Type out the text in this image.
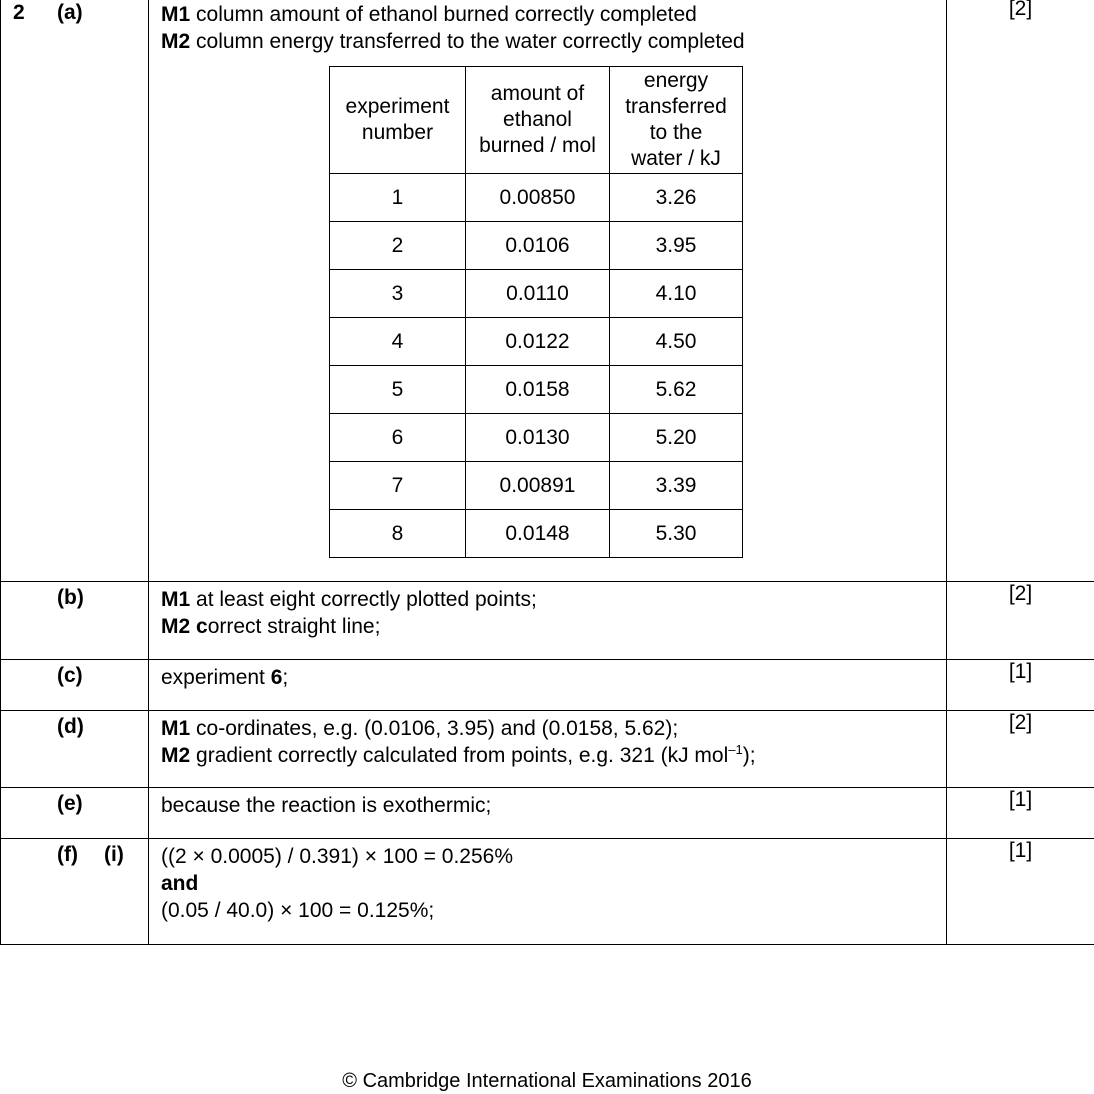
2 (a)	M1 column amount of ethanol burned correctly completed
M2 column energy transferred to the water correctly completed
experiment
number

amount of
ethanol
burned / mol

energy
transferred
to the
water / kJ

1	0.00850	3.26
2	0.0106	3.95
3	0.0110	4.10
4	0.0122	4.50
5	0.0158	5.62
6	0.0130	5.20
7	0.00891	3.39
8	0.0148	5.30
	[2]

(b)	M1 at least eight correctly plotted points;
M2 correct straight line;
	[2]

(c)	experiment 6;	[1]

(d)	M1 co-ordinates, e.g. (0.0106, 3.95) and (0.0158, 5.62);
M2 gradient correctly calculated from points, e.g. 321 (kJ mol$^{-1}$);
	[2]

(e)	because the reaction is exothermic;	[1]

(f) (i)	((2 × 0.0005) / 0.391) × 100 = 0.256%
and
(0.05 / 40.0) × 100 = 0.125%;
	[1]
© Cambridge International Examinations 2016
